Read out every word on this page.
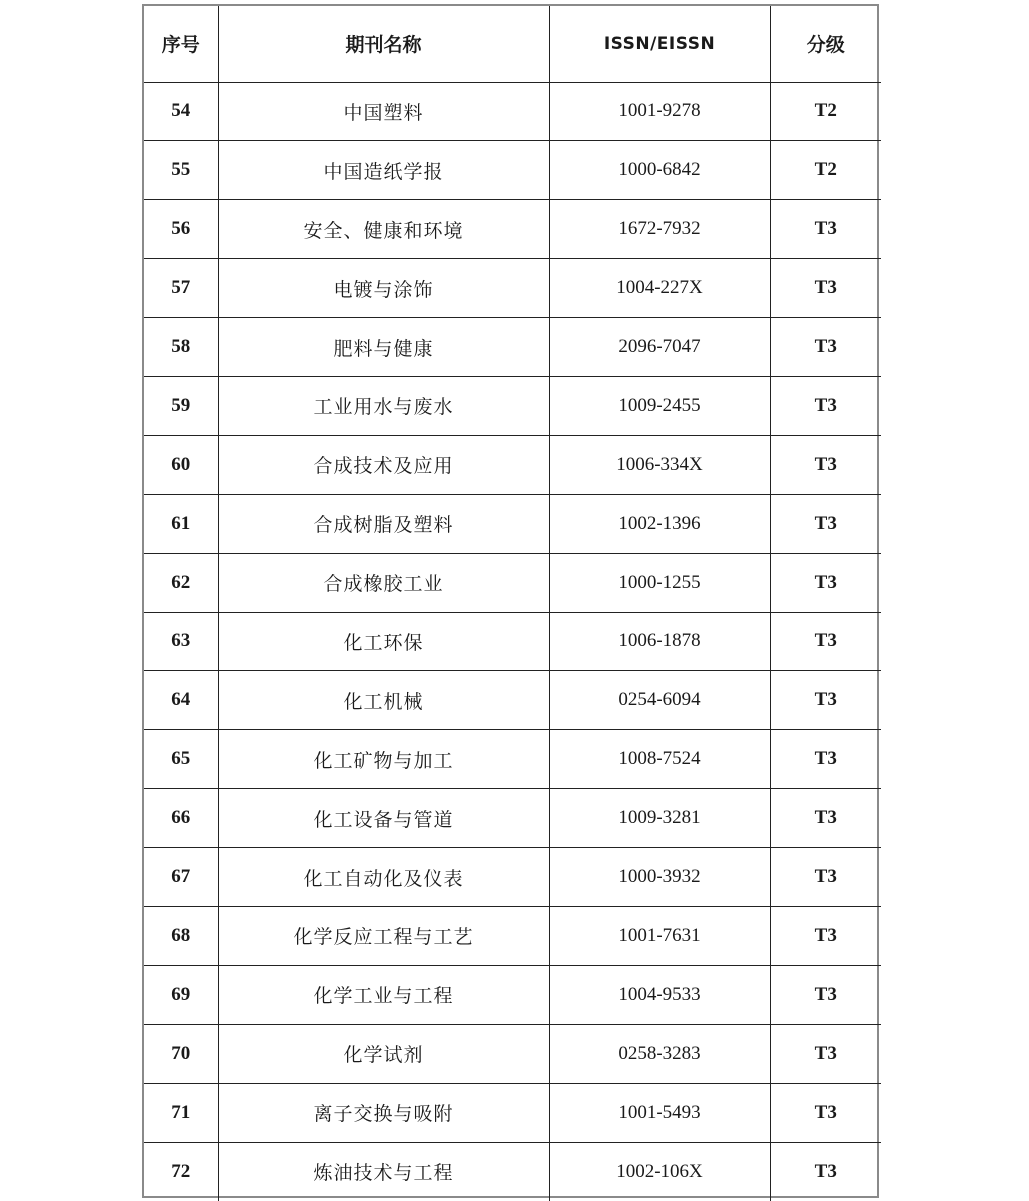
序号	期刊名称	ISSN/EISSN	分级
54	中国塑料	1001-9278	T2
55	中国造纸学报	1000-6842	T2
56	安全、健康和环境	1672-7932	T3
57	电镀与涂饰	1004-227X	T3
58	肥料与健康	2096-7047	T3
59	工业用水与废水	1009-2455	T3
60	合成技术及应用	1006-334X	T3
61	合成树脂及塑料	1002-1396	T3
62	合成橡胶工业	1000-1255	T3
63	化工环保	1006-1878	T3
64	化工机械	0254-6094	T3
65	化工矿物与加工	1008-7524	T3
66	化工设备与管道	1009-3281	T3
67	化工自动化及仪表	1000-3932	T3
68	化学反应工程与工艺	1001-7631	T3
69	化学工业与工程	1004-9533	T3
70	化学试剂	0258-3283	T3
71	离子交换与吸附	1001-5493	T3
72	炼油技术与工程	1002-106X	T3
